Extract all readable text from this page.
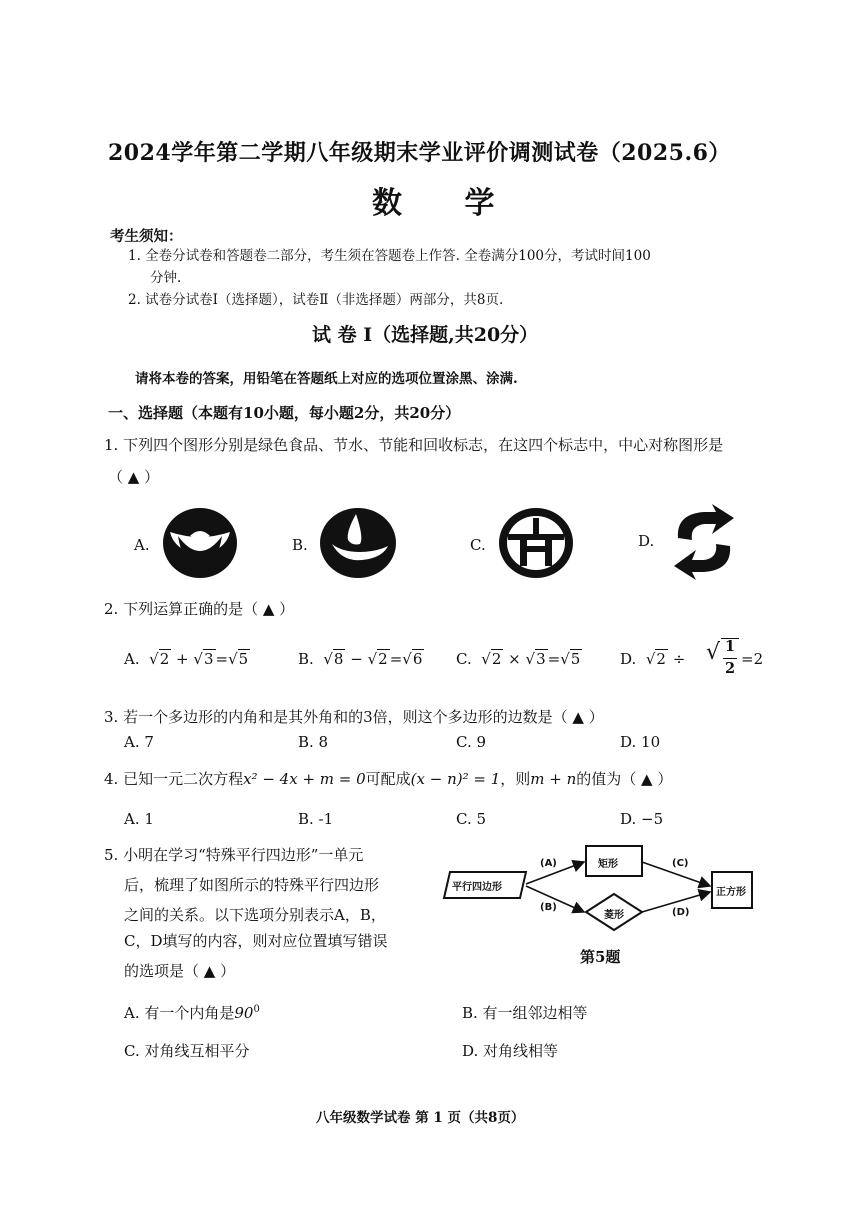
2024学年第二学期八年级期末学业评价调测试卷（2025.6）
数 学
考生须知：
1. 全卷分试卷和答题卷二部分，考生须在答题卷上作答. 全卷满分100分，考试时间100
分钟.
2. 试卷分试卷Ⅰ（选择题），试卷Ⅱ（非选择题）两部分，共8页.
试 卷 Ⅰ（选择题,共20分）
请将本卷的答案，用铅笔在答题纸上对应的选项位置涂黑、涂满.
一、选择题（本题有10小题，每小题2分，共20分）
1. 下列四个图形分别是绿色食品、节水、节能和回收标志，在这四个标志中，中心对称图形是
（ ▲ ）
A.	B.	C.	D.
2. 下列运算正确的是（ ▲ ）
A. √2 + √3 =√5	B. √8 − √2 =√6 C. √2 × √3 =√5	D. √2 ÷ √ 1
2
=2
3. 若一个多边形的内角和是其外角和的3倍，则这个多边形的边数是（ ▲ ）
A. 7	B. 8	C. 9	D. 10
4. 已知一元二次方程x² − 4x + m = 0可配成(x − n)² = 1，则m + n的值为（ ▲ ）
A. 1	B. -1	C. 5	D. −5
5. 小明在学习“特殊平行四边形”一单元
后，梳理了如图所示的特殊平行四边形
之间的关系。以下选项分别表示A，B，
C，D填写的内容，则对应位置填写错误
的选项是（ ▲ ）
平行四边形
矩形
菱形
正方形
(A)
(B)
(C)
(D)
第5题
A. 有一个内角是$90^0$	B. 有一组邻边相等
C. 对角线互相平分	D. 对角线相等
八年级数学试卷 第 1 页（共8页）
